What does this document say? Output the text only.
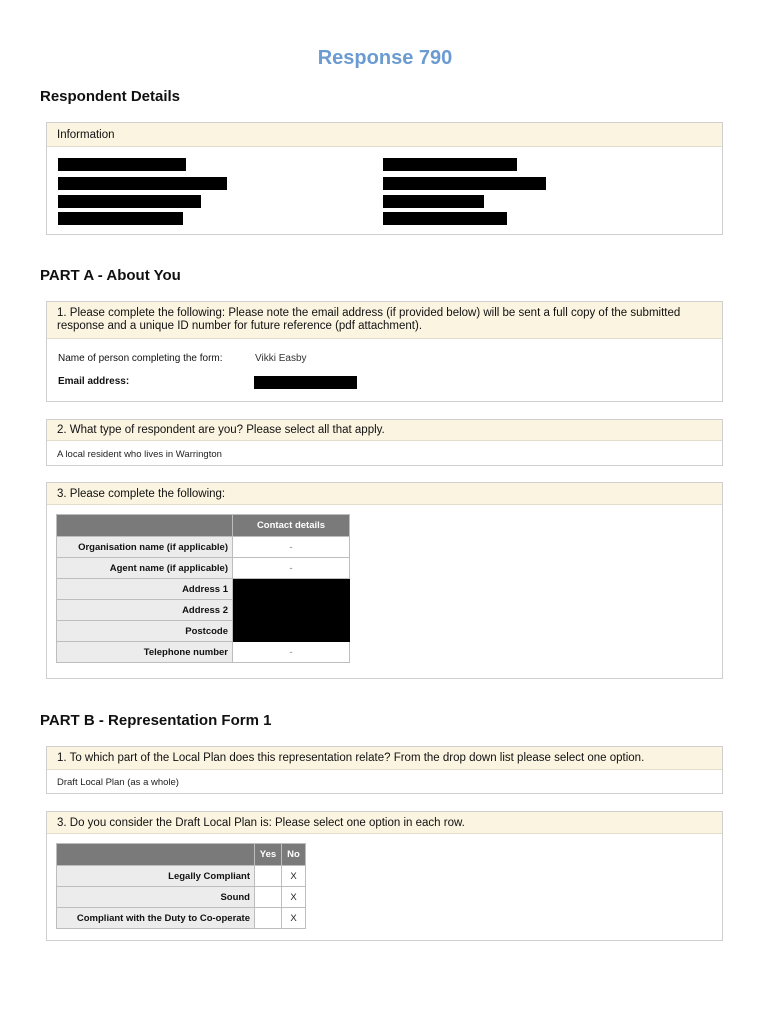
Response 790
Respondent Details
Information
PART A - About You
1. Please complete the following: Please note the email address (if provided below) will be sent a full copy of the submitted response and a unique ID number for future reference (pdf attachment).
Name of person completing the form:	Vikki Easby
Email address:
2. What type of respondent are you? Please select all that apply.
A local resident who lives in Warrington
3. Please complete the following:
	Contact details
Organisation name (if applicable)	-
Agent name (if applicable)	-
Address 1	
Address 2	
Postcode	
Telephone number	-
PART B - Representation Form 1
1. To which part of the Local Plan does this representation relate? From the drop down list please select one option.
Draft Local Plan (as a whole)
3. Do you consider the Draft Local Plan is: Please select one option in each row.
	Yes	No
Legally Compliant		X
Sound		X
Compliant with the Duty to Co-operate		X
